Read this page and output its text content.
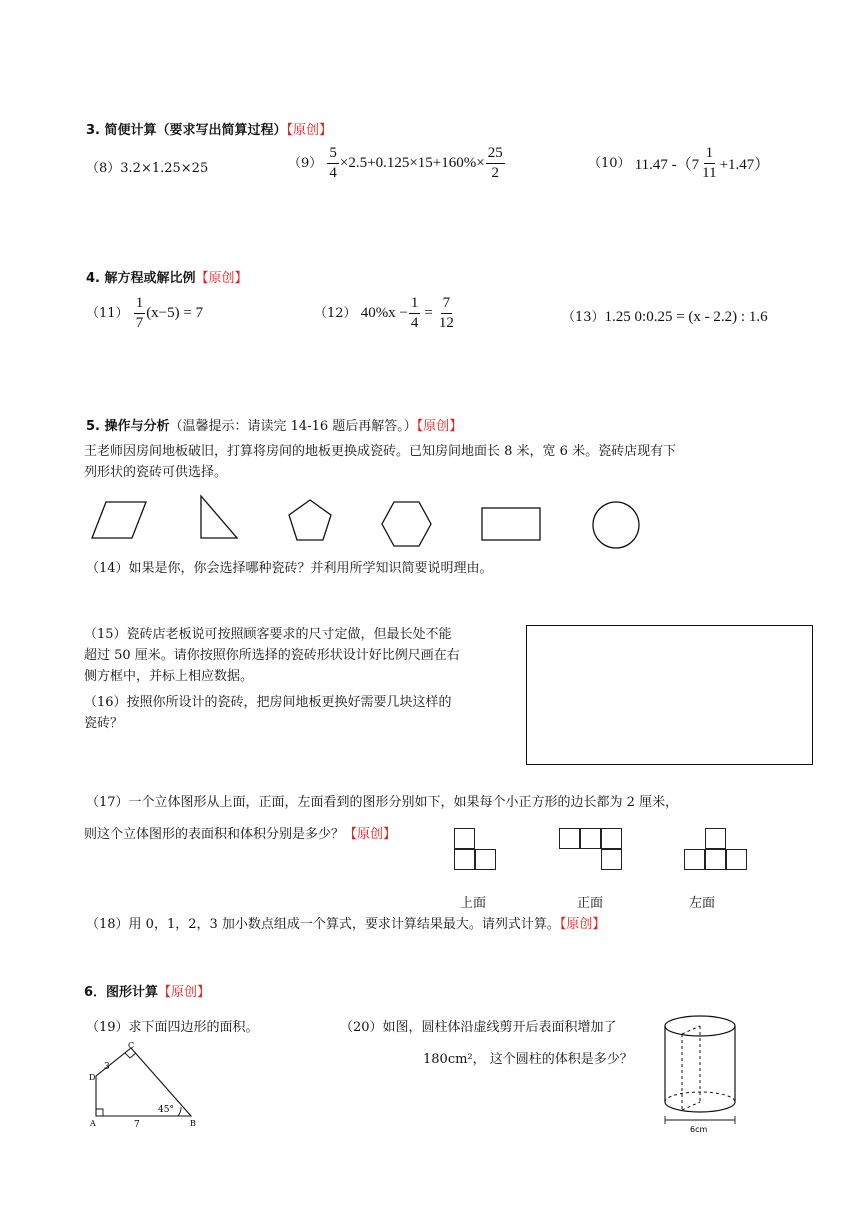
3. 简便计算（要求写出简算过程）【原创】
（8）3.2×1.25×25	$(9) \frac{5}{4} \times 2.5+0.125\times 15+160\%\times \frac{25}{2}$	（10） 11.47 $-(7 \frac{1}{11} +1.47)$
4. 解方程或解比例【原创】
$(11) \frac{1}{7} (x-5) = 7$	（12） $40\%x - \frac{1}{4} = \frac{7}{12}$	（13）1.25 0:0.25 = (x - 2.2) : 1.6
5. 操作与分析（温馨提示：请读完 14-16 题后再解答。）【原创】
王老师因房间地板破旧，打算将房间的地板更换成瓷砖。已知房间地面长 8 米，宽 6 米。瓷砖店现有下
列形状的瓷砖可供选择。
（14）如果是你，你会选择哪种瓷砖？并利用所学知识简要说明理由。
（15）瓷砖店老板说可按照顾客要求的尺寸定做，但最长处不能
超过 50 厘米。请你按照你所选择的瓷砖形状设计好比例尺画在右
侧方框中，并标上相应数据。
（16）按照你所设计的瓷砖，把房间地板更换好需要几块这样的
瓷砖？
（17）一个立体图形从上面，正面，左面看到的图形分别如下，如果每个小正方形的边长都为 2 厘米，
则这个立体图形的表面积和体积分别是多少？【原创】
上面	正面	左面
（18）用 0，1，2，3 加小数点组成一个算式，要求计算结果最大。请列式计算。【原创】
6．图形计算【原创】
（19）求下面四边形的面积。
C
D
A	B
3
7
45°
（20）如图，圆柱体沿虚线剪开后表面积增加了
180cm²， 这个圆柱的体积是多少？
6cm
